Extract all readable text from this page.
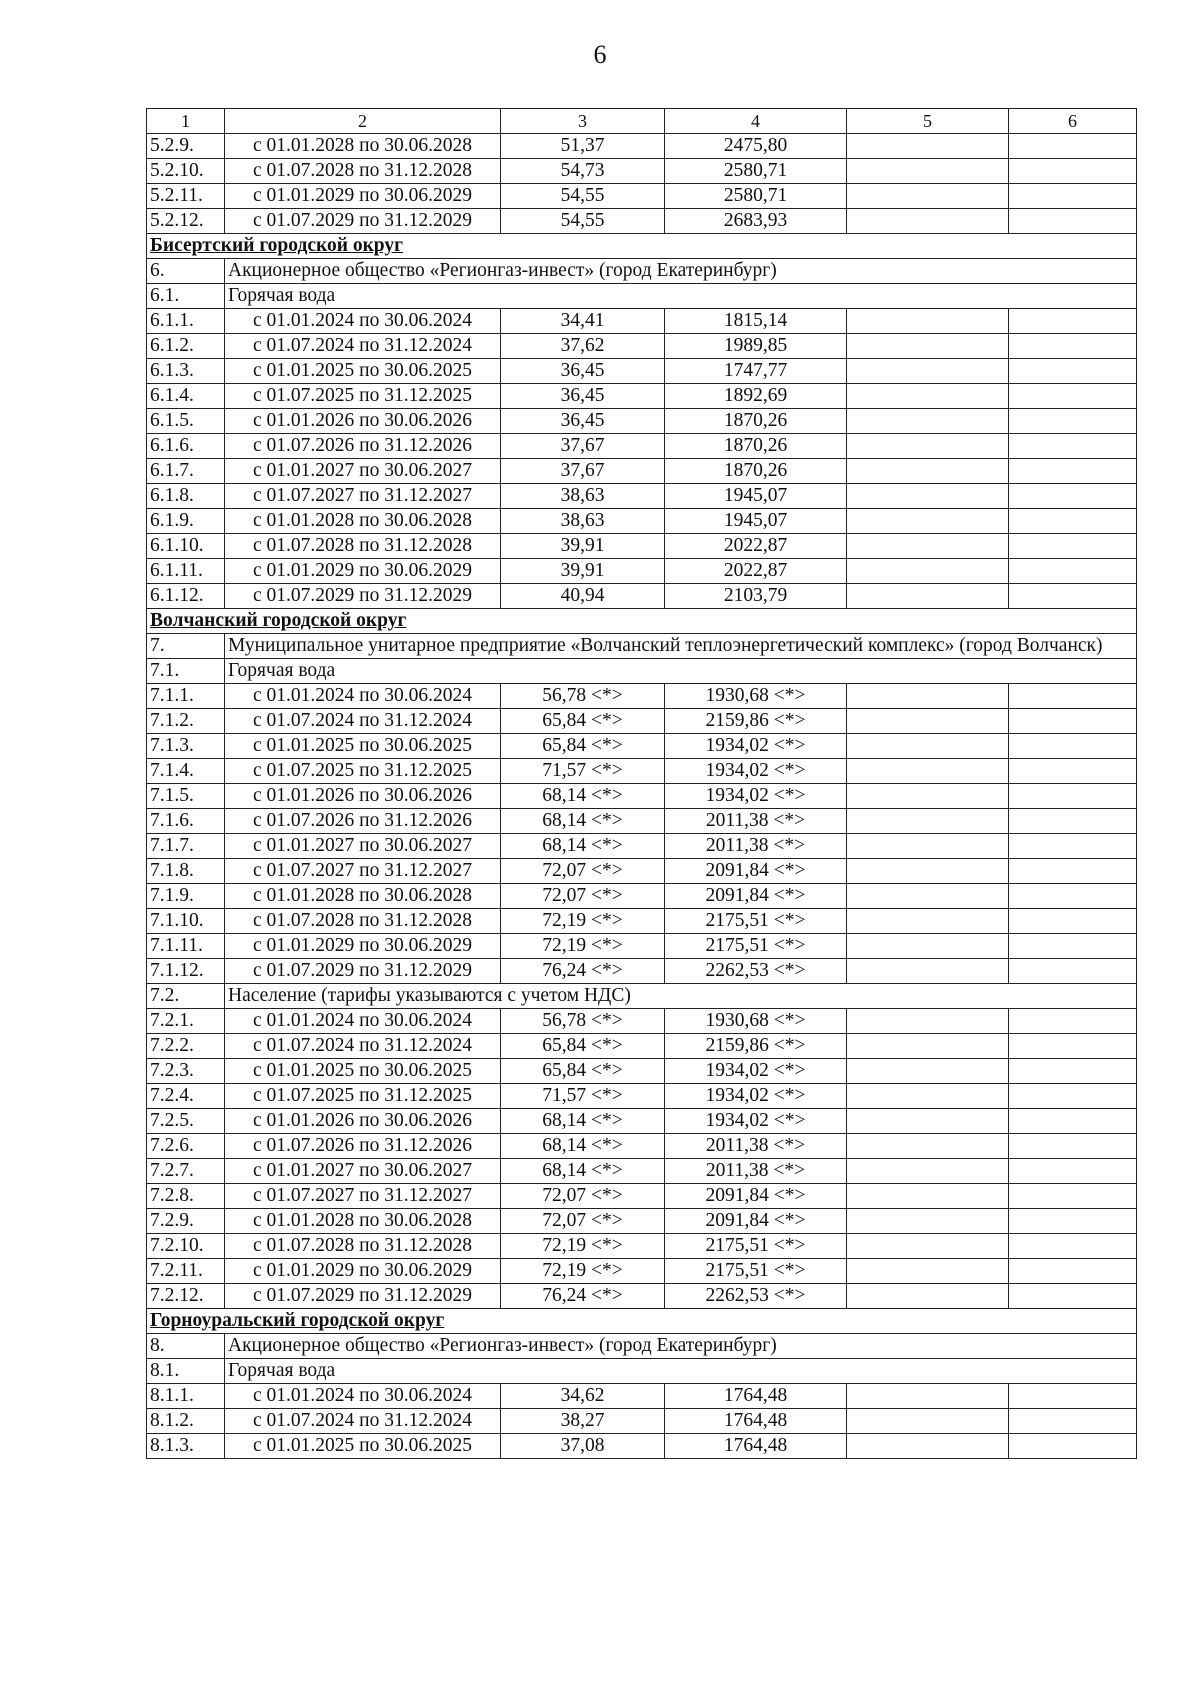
6
1	2	3	4	5	6
5.2.9.	с 01.01.2028 по 30.06.2028	51,37	2475,80		
5.2.10.	с 01.07.2028 по 31.12.2028	54,73	2580,71		
5.2.11.	с 01.01.2029 по 30.06.2029	54,55	2580,71		
5.2.12.	с 01.07.2029 по 31.12.2029	54,55	2683,93		
Бисертский городской округ					
6.	Акционерное общество «Регионгаз-инвест» (город Екатеринбург)				
6.1.	Горячая вода				
6.1.1.	с 01.01.2024 по 30.06.2024	34,41	1815,14		
6.1.2.	с 01.07.2024 по 31.12.2024	37,62	1989,85		
6.1.3.	с 01.01.2025 по 30.06.2025	36,45	1747,77		
6.1.4.	с 01.07.2025 по 31.12.2025	36,45	1892,69		
6.1.5.	с 01.01.2026 по 30.06.2026	36,45	1870,26		
6.1.6.	с 01.07.2026 по 31.12.2026	37,67	1870,26		
6.1.7.	с 01.01.2027 по 30.06.2027	37,67	1870,26		
6.1.8.	с 01.07.2027 по 31.12.2027	38,63	1945,07		
6.1.9.	с 01.01.2028 по 30.06.2028	38,63	1945,07		
6.1.10.	с 01.07.2028 по 31.12.2028	39,91	2022,87		
6.1.11.	с 01.01.2029 по 30.06.2029	39,91	2022,87		
6.1.12.	с 01.07.2029 по 31.12.2029	40,94	2103,79		
Волчанский городской округ					
7.	Муниципальное унитарное предприятие «Волчанский теплоэнергетический комплекс» (город Волчанск)				
7.1.	Горячая вода				
7.1.1.	с 01.01.2024 по 30.06.2024	56,78 <*>	1930,68 <*>		
7.1.2.	с 01.07.2024 по 31.12.2024	65,84 <*>	2159,86 <*>		
7.1.3.	с 01.01.2025 по 30.06.2025	65,84 <*>	1934,02 <*>		
7.1.4.	с 01.07.2025 по 31.12.2025	71,57 <*>	1934,02 <*>		
7.1.5.	с 01.01.2026 по 30.06.2026	68,14 <*>	1934,02 <*>		
7.1.6.	с 01.07.2026 по 31.12.2026	68,14 <*>	2011,38 <*>		
7.1.7.	с 01.01.2027 по 30.06.2027	68,14 <*>	2011,38 <*>		
7.1.8.	с 01.07.2027 по 31.12.2027	72,07 <*>	2091,84 <*>		
7.1.9.	с 01.01.2028 по 30.06.2028	72,07 <*>	2091,84 <*>		
7.1.10.	с 01.07.2028 по 31.12.2028	72,19 <*>	2175,51 <*>		
7.1.11.	с 01.01.2029 по 30.06.2029	72,19 <*>	2175,51 <*>		
7.1.12.	с 01.07.2029 по 31.12.2029	76,24 <*>	2262,53 <*>		
7.2.	Население (тарифы указываются с учетом НДС)				
7.2.1.	с 01.01.2024 по 30.06.2024	56,78 <*>	1930,68 <*>		
7.2.2.	с 01.07.2024 по 31.12.2024	65,84 <*>	2159,86 <*>		
7.2.3.	с 01.01.2025 по 30.06.2025	65,84 <*>	1934,02 <*>		
7.2.4.	с 01.07.2025 по 31.12.2025	71,57 <*>	1934,02 <*>		
7.2.5.	с 01.01.2026 по 30.06.2026	68,14 <*>	1934,02 <*>		
7.2.6.	с 01.07.2026 по 31.12.2026	68,14 <*>	2011,38 <*>		
7.2.7.	с 01.01.2027 по 30.06.2027	68,14 <*>	2011,38 <*>		
7.2.8.	с 01.07.2027 по 31.12.2027	72,07 <*>	2091,84 <*>		
7.2.9.	с 01.01.2028 по 30.06.2028	72,07 <*>	2091,84 <*>		
7.2.10.	с 01.07.2028 по 31.12.2028	72,19 <*>	2175,51 <*>		
7.2.11.	с 01.01.2029 по 30.06.2029	72,19 <*>	2175,51 <*>		
7.2.12.	с 01.07.2029 по 31.12.2029	76,24 <*>	2262,53 <*>		
Горноуральский городской округ					
8.	Акционерное общество «Регионгаз-инвест» (город Екатеринбург)				
8.1.	Горячая вода				
8.1.1.	с 01.01.2024 по 30.06.2024	34,62	1764,48		
8.1.2.	с 01.07.2024 по 31.12.2024	38,27	1764,48		
8.1.3.	с 01.01.2025 по 30.06.2025	37,08	1764,48		
